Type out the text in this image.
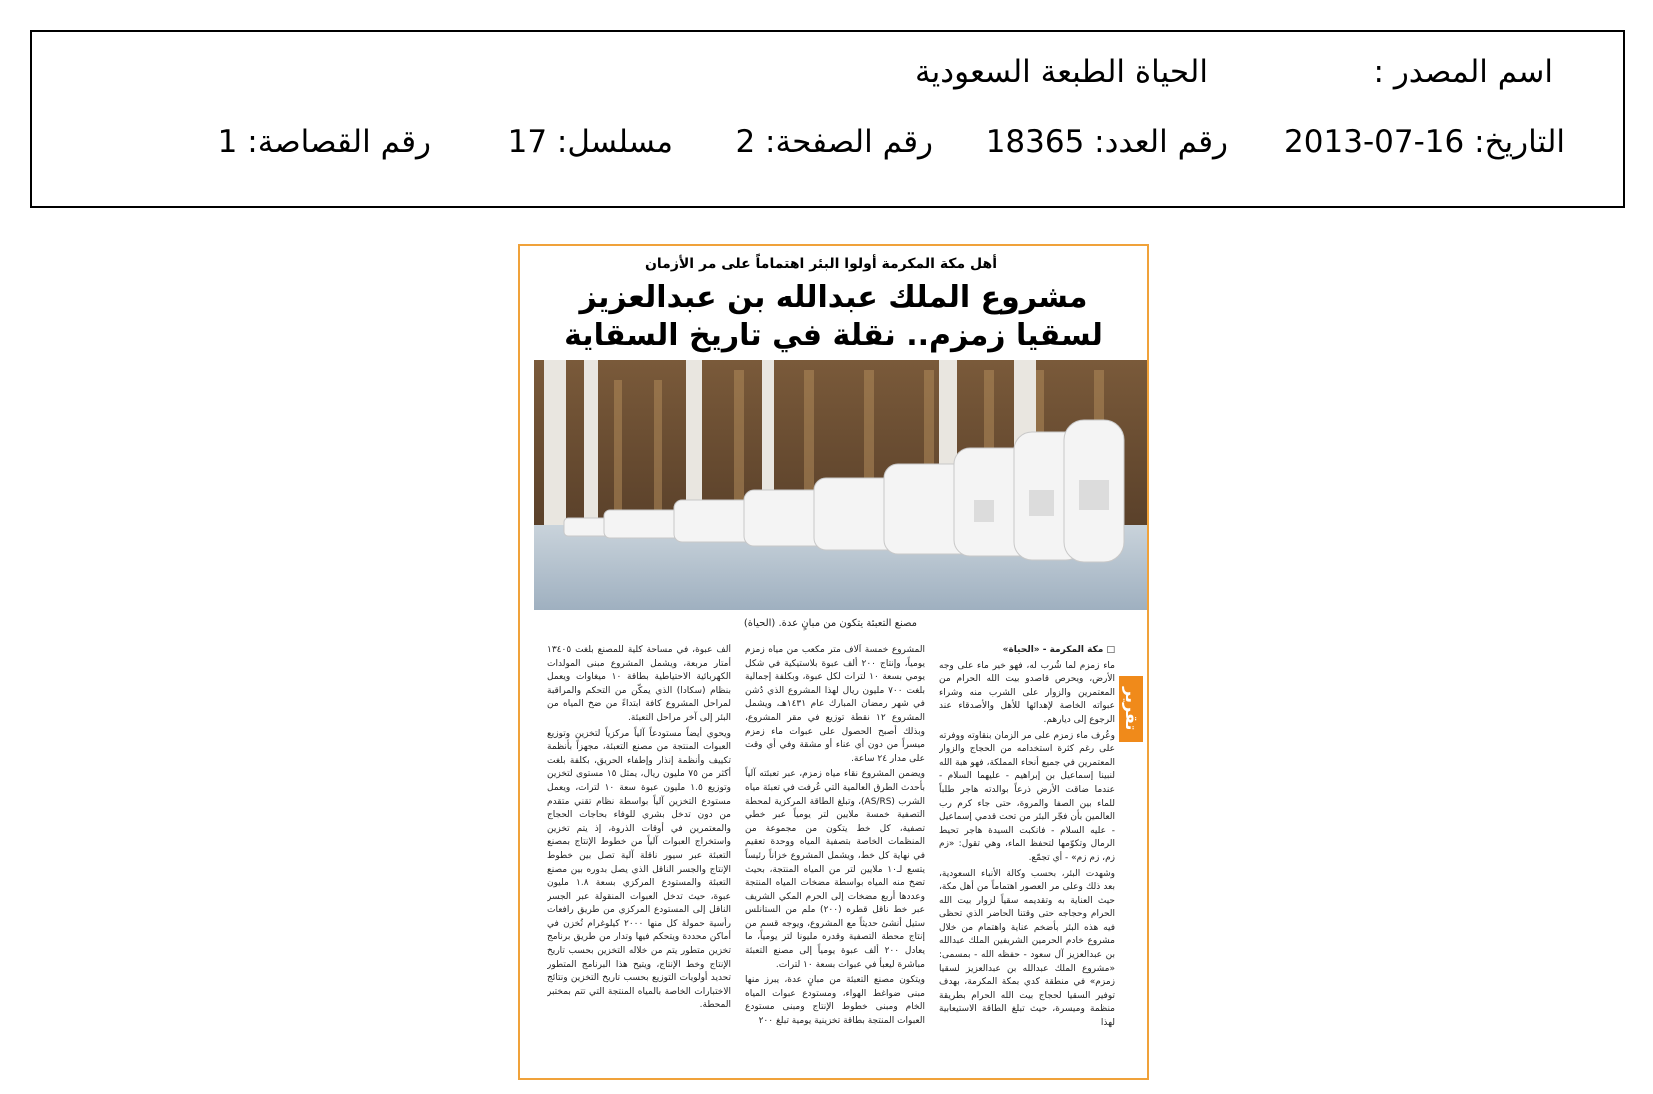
اسم المصدر :
الحياة الطبعة السعودية
التاريخ: 16-07-2013
رقم العدد: 18365
رقم الصفحة: 2
مسلسل: 17
رقم القصاصة: 1
أهل مكة المكرمة أولوا البئر اهتماماً على مر الأزمان
مشروع الملك عبدالله بن عبدالعزيز
لسقيا زمزم.. نقلة في تاريخ السقاية
مصنع التعبئة يتكون من مبانٍ عدة. (الحياة)
تقرير

□ مكة المكرمة - «الحياة»

ماء زمزم لما شُرب له، فهو خير ماء على وجه الأرض، ويحرص قاصدو بيت الله الحرام من المعتمرين والزوار على الشرب منه وشراء عبواته الخاصة لإهدائها للأهل والأصدقاء عند الرجوع إلى ديارهم.

وعُرف ماء زمزم على مر الزمان بنقاوته ووفرته على رغم كثرة استخدامه من الحجاج والزوار المعتمرين في جميع أنحاء المملكة، فهو هبة الله لنبينا إسماعيل بن إبراهيم - عليهما السلام - عندما ضاقت الأرض ذرعاً بوالدته هاجر طلباً للماء بين الصفا والمروة، حتى جاء كرم رب العالمين بأن فجّر البئر من تحت قدمي إسماعيل - عليه السلام - فانكبت السيدة هاجر تحيط الرمال وتكوّمها لتحفظ الماء، وهي تقول: «زم زم، زم زم» - أي تجمّع.

وشهدت البئر، بحسب وكالة الأنباء السعودية، بعد ذلك وعلى مر العصور اهتماماً من أهل مكة، حيث العناية به وتقديمه سقياً لزوار بيت الله الحرام وحجاجه حتى وقتنا الحاضر الذي تحظى فيه هذه البئر بأضخم عناية واهتمام من خلال مشروع خادم الحرمين الشريفين الملك عبدالله بن عبدالعزيز آل سعود - حفظه الله - بمسمى: «مشروع الملك عبدالله بن عبدالعزيز لسقيا زمزم» في منطقة كدي بمكة المكرمة، بهدف توفير السقيا لحجاج بيت الله الحرام بطريقة منظمة وميسرة، حيث تبلغ الطاقة الاستيعابية لهذا

المشروع خمسة آلاف متر مكعب من مياه زمزم يومياً، وإنتاج ٢٠٠ ألف عبوة بلاستيكية في شكل يومي بسعة ١٠ لترات لكل عبوة، وبكلفة إجمالية بلغت ٧٠٠ مليون ريال لهذا المشروع الذي دُشن في شهر رمضان المبارك عام ١٤٣١هـ، ويشمل المشروع ١٢ نقطة توزيع في مقر المشروع، وبذلك أصبح الحصول على عبوات ماء زمزم ميسراً من دون أي عناء أو مشقة وفي أي وقت على مدار ٢٤ ساعة.

ويضمن المشروع نقاء مياه زمزم، عبر تعبئته آلياً بأحدث الطرق العالمية التي عُرفت في تعبئة مياه الشرب (AS/RS)، وتبلغ الطاقة المركزية لمحطة التصفية خمسة ملايين لتر يومياً عبر خطي تصفية، كل خط يتكون من مجموعة من المنظمات الخاصة بتصفية المياه ووحدة تعقيم في نهاية كل خط، ويشمل المشروع خزاناً رئيساً يتسع لـ١٠ ملايين لتر من المياه المنتجة، بحيث تضخ منه المياه بواسطة مضخات المياه المنتجة وعددها أربع مضخات إلى الحرم المكي الشريف عبر خط ناقل قطره (٢٠٠) ملم من الستانلس ستيل أنشئ حديثاً مع المشروع، ويوجه قسم من إنتاج محطة التصفية وقدره مليونا لتر يومياً، ما يعادل ٢٠٠ ألف عبوة يومياً إلى مصنع التعبئة مباشرة ليعبأ في عبوات بسعة ١٠ لترات.

ويتكون مصنع التعبئة من مبانٍ عدة، يبرز منها مبنى ضواغط الهواء، ومستودع عبوات المياه الخام ومبنى خطوط الإنتاج ومبنى مستودع العبوات المنتجة بطاقة تخزينية يومية تبلغ ٢٠٠

ألف عبوة، في مساحة كلية للمصنع بلغت ١٣٤٠٥ أمتار مربعة، ويشمل المشروع مبنى المولدات الكهربائية الاحتياطية بطاقة ١٠ ميغاوات ويعمل بنظام (سكادا) الذي يمكّن من التحكم والمراقبة لمراحل المشروع كافة ابتداءً من ضخ المياه من البئر إلى آخر مراحل التعبئة.

ويحوي أيضاً مستودعاً آلياً مركزياً لتخزين وتوزيع العبوات المنتجة من مصنع التعبئة، مجهزاً بأنظمة تكييف وأنظمة إنذار وإطفاء الحريق، بكلفة بلغت أكثر من ٧٥ مليون ريال، يمثل ١٥ مستوى لتخزين وتوزيع ١.٥ مليون عبوة سعة ١٠ لترات، ويعمل مستودع التخزين آلياً بواسطة نظام تقني متقدم من دون تدخل بشري للوفاء بحاجات الحجاج والمعتمرين في أوقات الذروة، إذ يتم تخزين واستخراج العبوات آلياً من خطوط الإنتاج بمصنع التعبئة عبر سيور ناقلة آلية تصل بين خطوط الإنتاج والجسر الناقل الذي يصل بدوره بين مصنع التعبئة والمستودع المركزي بسعة ١.٨ مليون عبوة، حيث تدخل العبوات المنقولة عبر الجسر الناقل إلى المستودع المركزي من طريق رافعات رأسية حمولة كل منها ٢٠٠٠ كيلوغرام تُخزن في أماكن محددة ويتحكم فيها وتدار من طريق برنامج تخزين متطور يتم من خلاله التخزين بحسب تاريخ الإنتاج وخط الإنتاج، ويتيح هذا البرنامج المتطور تحديد أولويات التوزيع بحسب تاريخ التخزين ونتائج الاختبارات الخاصة بالمياه المنتجة التي تتم بمختبر المحطة.
